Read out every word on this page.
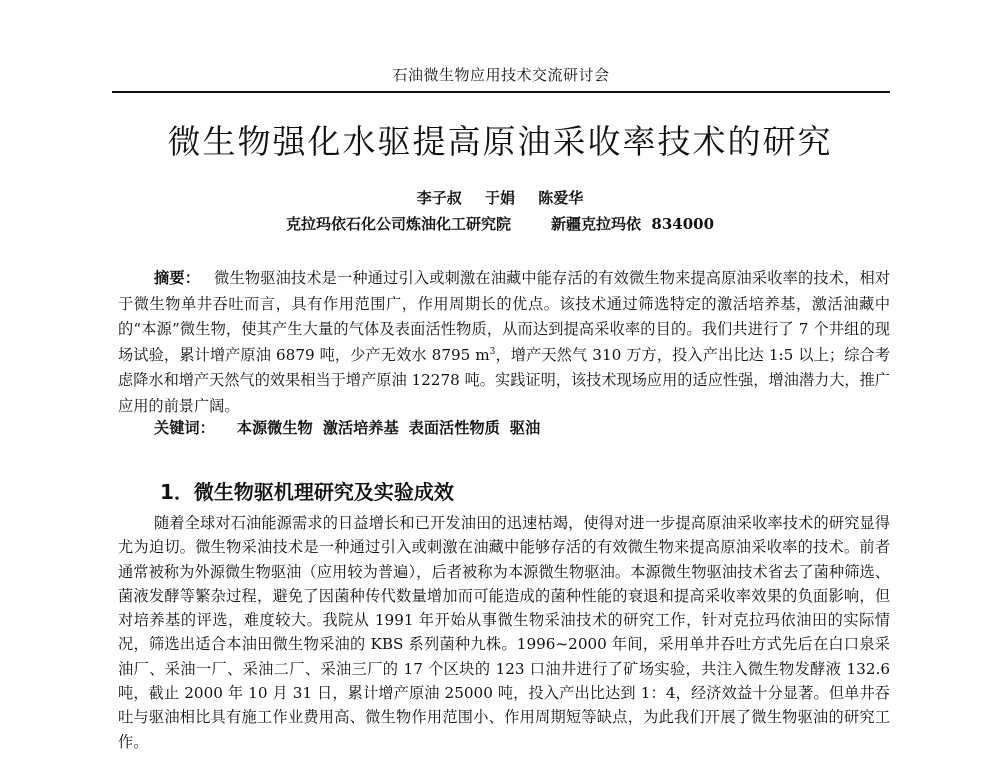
石油微生物应用技术交流研讨会
微生物强化水驱提高原油采收率技术的研究
李子叔 于娟 陈爱华
克拉玛依石化公司炼油化工研究院	新疆克拉玛依 834000

摘要： 微生物驱油技术是一种通过引入或刺激在油藏中能存活的有效微生物来提高原油采收率的技术，相对于微生物单井吞吐而言，具有作用范围广，作用周期长的优点。该技术通过筛选特定的激活培养基，激活油藏中的“本源”微生物，使其产生大量的气体及表面活性物质，从而达到提高采收率的目的。我们共进行了 7 个井组的现场试验，累计增产原油 6879 吨，少产无效水 8795 $m^3$，增产天然气 310 万方，投入产出比达 1:5 以上；综合考虑降水和增产天然气的效果相当于增产原油 12278 吨。实践证明，该技术现场应用的适应性强，增油潜力大，推广应用的前景广阔。

关键词： 本源微生物 激活培养基 表面活性物质 驱油
1．微生物驱机理研究及实验成效

随着全球对石油能源需求的日益增长和已开发油田的迅速枯竭，使得对进一步提高原油采收率技术的研究显得尤为迫切。微生物采油技术是一种通过引入或刺激在油藏中能够存活的有效微生物来提高原油采收率的技术。前者通常被称为外源微生物驱油（应用较为普遍），后者被称为本源微生物驱油。本源微生物驱油技术省去了菌种筛选、菌液发酵等繁杂过程，避免了因菌种传代数量增加而可能造成的菌种性能的衰退和提高采收率效果的负面影响，但对培养基的评选，难度较大。我院从 1991 年开始从事微生物采油技术的研究工作，针对克拉玛依油田的实际情况，筛选出适合本油田微生物采油的 KBS 系列菌种九株。1996~2000 年间，采用单井吞吐方式先后在白口泉采油厂、采油一厂、采油二厂、采油三厂的 17 个区块的 123 口油井进行了矿场实验，共注入微生物发酵液 132.6 吨，截止 2000 年 10 月 31 日，累计增产原油 25000 吨，投入产出比达到 1：4，经济效益十分显著。但单井吞吐与驱油相比具有施工作业费用高、微生物作用范围小、作用周期短等缺点，为此我们开展了微生物驱油的研究工作。
